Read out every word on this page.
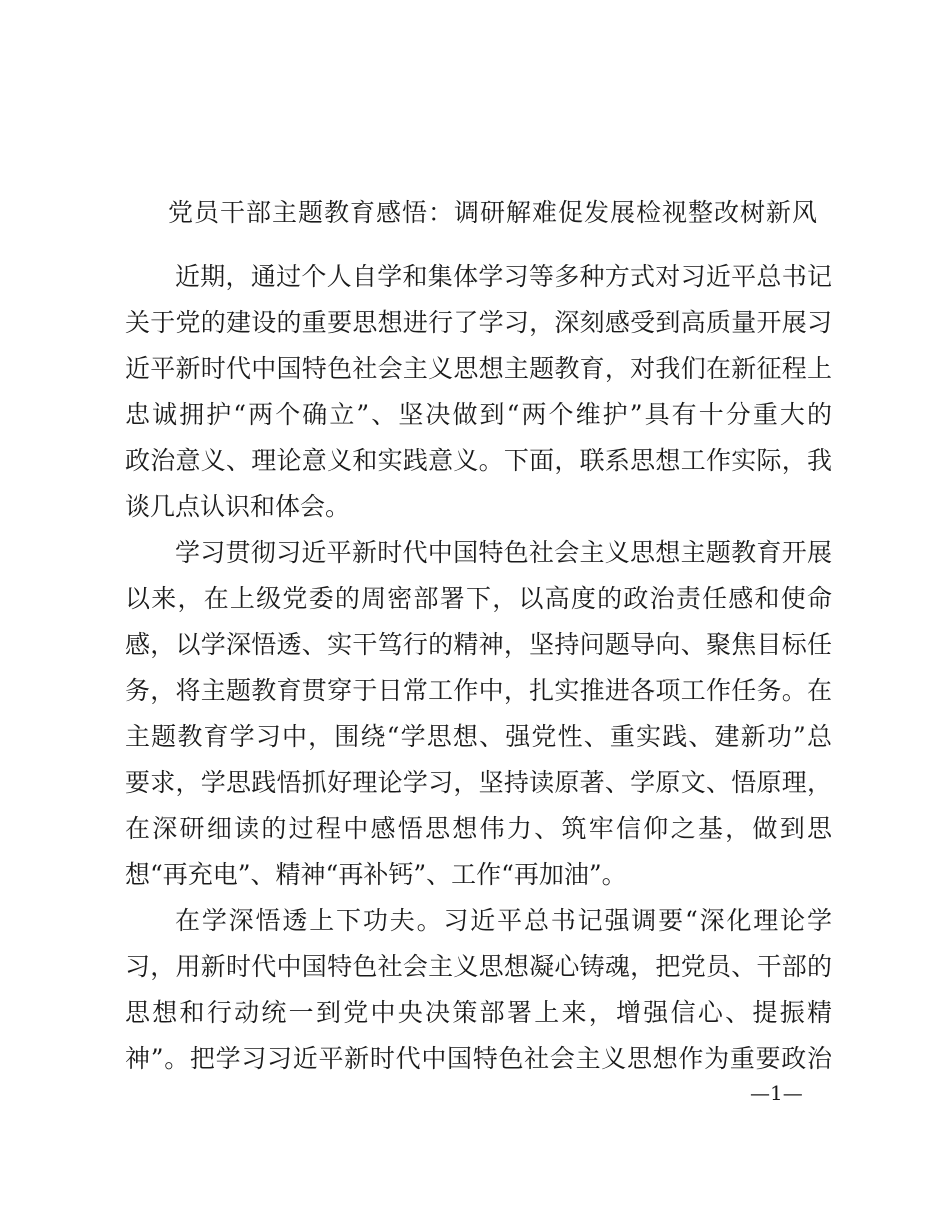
党员干部主题教育感悟：调研解难促发展检视整改树新风
近期，通过个人自学和集体学习等多种方式对习近平总书记
关于党的建设的重要思想进行了学习，深刻感受到高质量开展习
近平新时代中国特色社会主义思想主题教育，对我们在新征程上
忠诚拥护“两个确立”、坚决做到“两个维护”具有十分重大的
政治意义、理论意义和实践意义。下面，联系思想工作实际，我
谈几点认识和体会。
学习贯彻习近平新时代中国特色社会主义思想主题教育开展
以来，在上级党委的周密部署下，以高度的政治责任感和使命
感，以学深悟透、实干笃行的精神，坚持问题导向、聚焦目标任
务，将主题教育贯穿于日常工作中，扎实推进各项工作任务。在
主题教育学习中，围绕“学思想、强党性、重实践、建新功”总
要求，学思践悟抓好理论学习，坚持读原著、学原文、悟原理，
在深研细读的过程中感悟思想伟力、筑牢信仰之基，做到思
想“再充电”、精神“再补钙”、工作“再加油”。
在学深悟透上下功夫。习近平总书记强调要“深化理论学
习，用新时代中国特色社会主义思想凝心铸魂，把党员、干部的
思想和行动统一到党中央决策部署上来，增强信心、提振精
神”。把学习习近平新时代中国特色社会主义思想作为重要政治
—1—
